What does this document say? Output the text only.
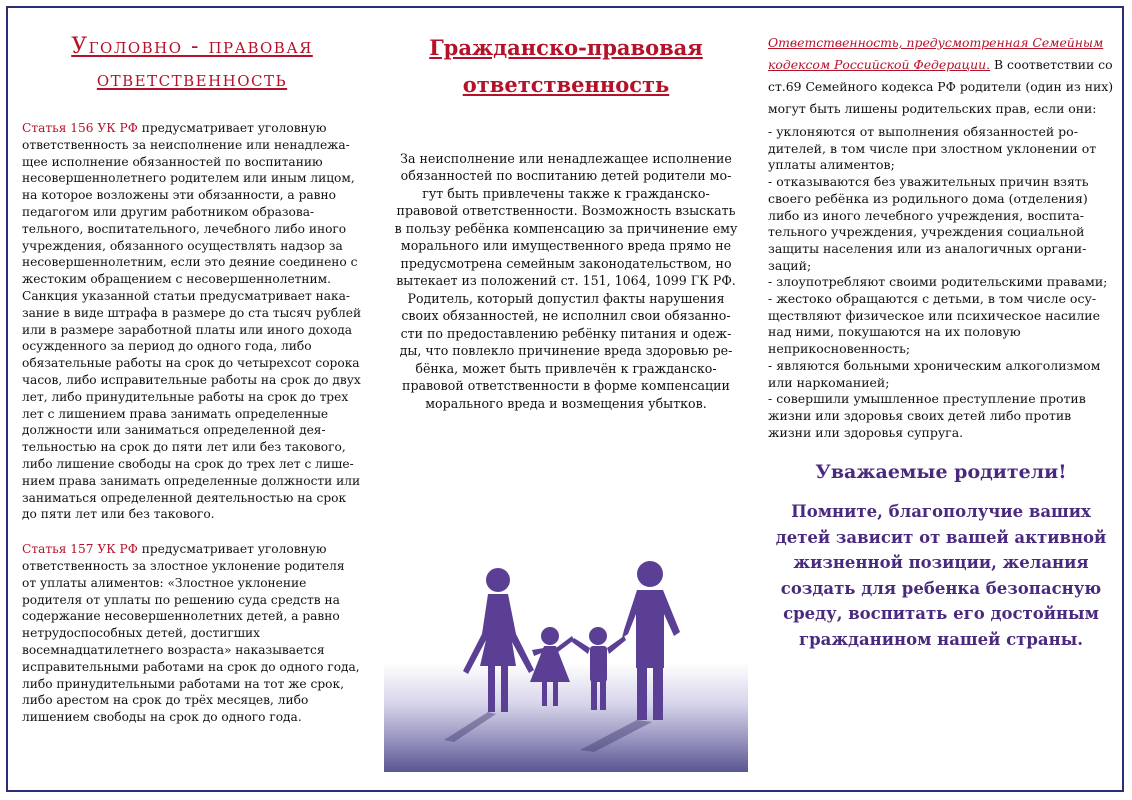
Уголовно - правовая
ответственность

Статья 156 УК РФ предусматривает уголовную ответственность за неисполнение или ненадлежащее исполнение обязанностей по воспитанию несовершеннолетнего родителем или иным лицом, на которое возложены эти обязанности, а равно педагогом или другим работником образовательного, воспитательного, лечебного либо иного учреждения, обязанного осуществлять надзор за несовершеннолетним, если это деяние соединено с жестоким обращением с несовершеннолетним. Санкция указанной статьи предусматривает наказание в виде штрафа в размере до ста тысяч рублей или в размере заработной платы или иного дохода осужденного за период до одного года, либо обязательные работы на срок до четырехсот сорока часов, либо исправительные работы на срок до двух лет, либо принудительные работы на срок до трех лет с лишением права занимать определенные должности или заниматься определенной деятельностью на срок до пяти лет или без такового, либо лишение свободы на срок до трех лет с лишением права занимать определенные должности или заниматься определенной деятельностью на срок до пяти лет или без такового.

Статья 157 УК РФ предусматривает уголовную ответственность за злостное уклонение родителя от уплаты алиментов: «Злостное уклонение родителя от уплаты по решению суда средств на содержание несовершеннолетних детей, а равно нетрудоспособных детей, достигших восемнадцатилетнего возраста» наказывается исправительными работами на срок до одного года, либо принудительными работами на тот же срок, либо арестом на срок до трёх месяцев, либо лишением свободы на срок до одного года.

Гражданско-правовая
ответственность

За неисполнение или ненадлежащее исполнение обязанностей по воспитанию детей родители могут быть привлечены также к гражданско-правовой ответственности. Возможность взыскать в пользу ребёнка компенсацию за причинение ему морального или имущественного вреда прямо не предусмотрена семейным законодательством, но вытекает из положений ст. 151, 1064, 1099 ГК РФ. Родитель, который допустил факты нарушения своих обязанностей, не исполнил свои обязанности по предоставлению ребёнку питания и одежды, что повлекло причинение вреда здоровью ребёнка, может быть привлечён к гражданско-правовой ответственности в форме компенсации морального вреда и возмещения убытков.

Ответственность, предусмотренная Семейным кодексом Российской Федерации. В соответствии со ст.69 Семейного кодекса РФ родители (один из них) могут быть лишены родительских прав, если они:

- уклоняются от выполнения обязанностей родителей, в том числе при злостном уклонении от уплаты алиментов;
- отказываются без уважительных причин взять своего ребёнка из родильного дома (отделения) либо из иного лечебного учреждения, воспитательного учреждения, учреждения социальной защиты населения или из аналогичных организаций;
- злоупотребляют своими родительскими правами;
- жестоко обращаются с детьми, в том числе осуществляют физическое или психическое насилие над ними, покушаются на их половую неприкосновенность;
- являются больными хроническим алкоголизмом или наркоманией;
- совершили умышленное преступление против жизни или здоровья своих детей либо против жизни или здоровья супруга.
Уважаемые родители!
Помните, благополучие ваших детей зависит от вашей активной жизненной позиции, желания создать для ребенка безопасную среду, воспитать его достойным гражданином нашей страны.
